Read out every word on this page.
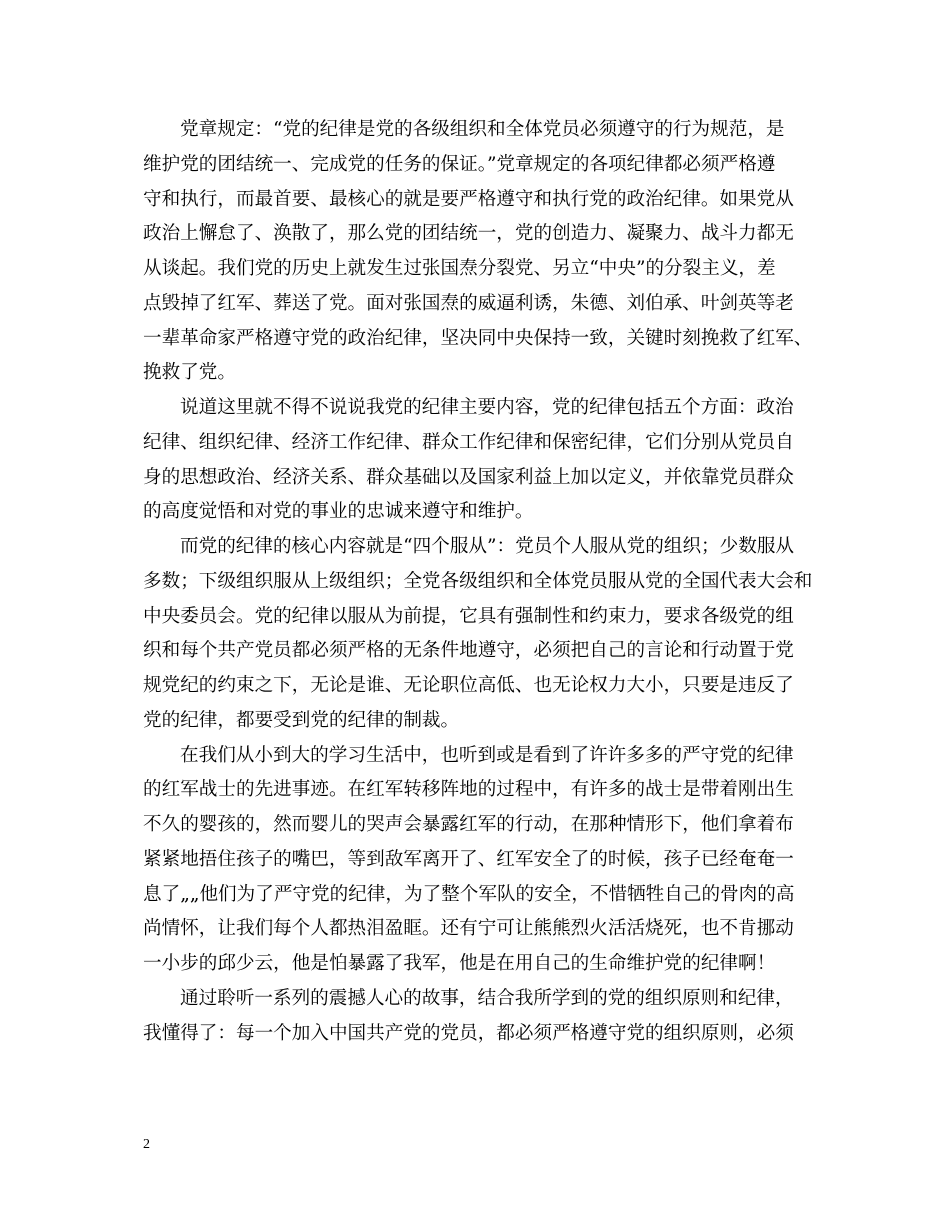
党章规定：“党的纪律是党的各级组织和全体党员必须遵守的行为规范，是
维护党的团结统一、完成党的任务的保证。”党章规定的各项纪律都必须严格遵
守和执行，而最首要、最核心的就是要严格遵守和执行党的政治纪律。如果党从
政治上懈怠了、涣散了，那么党的团结统一，党的创造力、凝聚力、战斗力都无
从谈起。我们党的历史上就发生过张国焘分裂党、另立“中央”的分裂主义，差
点毁掉了红军、葬送了党。面对张国焘的威逼利诱，朱德、刘伯承、叶剑英等老
一辈革命家严格遵守党的政治纪律，坚决同中央保持一致，关键时刻挽救了红军、
挽救了党。
说道这里就不得不说说我党的纪律主要内容，党的纪律包括五个方面：政治
纪律、组织纪律、经济工作纪律、群众工作纪律和保密纪律，它们分别从党员自
身的思想政治、经济关系、群众基础以及国家利益上加以定义，并依靠党员群众
的高度觉悟和对党的事业的忠诚来遵守和维护。
而党的纪律的核心内容就是“四个服从”：党员个人服从党的组织；少数服从
多数；下级组织服从上级组织；全党各级组织和全体党员服从党的全国代表大会和
中央委员会。党的纪律以服从为前提，它具有强制性和约束力，要求各级党的组
织和每个共产党员都必须严格的无条件地遵守，必须把自己的言论和行动置于党
规党纪的约束之下，无论是谁、无论职位高低、也无论权力大小，只要是违反了
党的纪律，都要受到党的纪律的制裁。
在我们从小到大的学习生活中，也听到或是看到了许许多多的严守党的纪律
的红军战士的先进事迹。在红军转移阵地的过程中，有许多的战士是带着刚出生
不久的婴孩的，然而婴儿的哭声会暴露红军的行动，在那种情形下，他们拿着布
紧紧地捂住孩子的嘴巴，等到敌军离开了、红军安全了的时候，孩子已经奄奄一
息了„„他们为了严守党的纪律，为了整个军队的安全，不惜牺牲自己的骨肉的高
尚情怀，让我们每个人都热泪盈眶。还有宁可让熊熊烈火活活烧死，也不肯挪动
一小步的邱少云，他是怕暴露了我军，他是在用自己的生命维护党的纪律啊！
通过聆听一系列的震撼人心的故事，结合我所学到的党的组织原则和纪律，
我懂得了：每一个加入中国共产党的党员，都必须严格遵守党的组织原则，必须
2
